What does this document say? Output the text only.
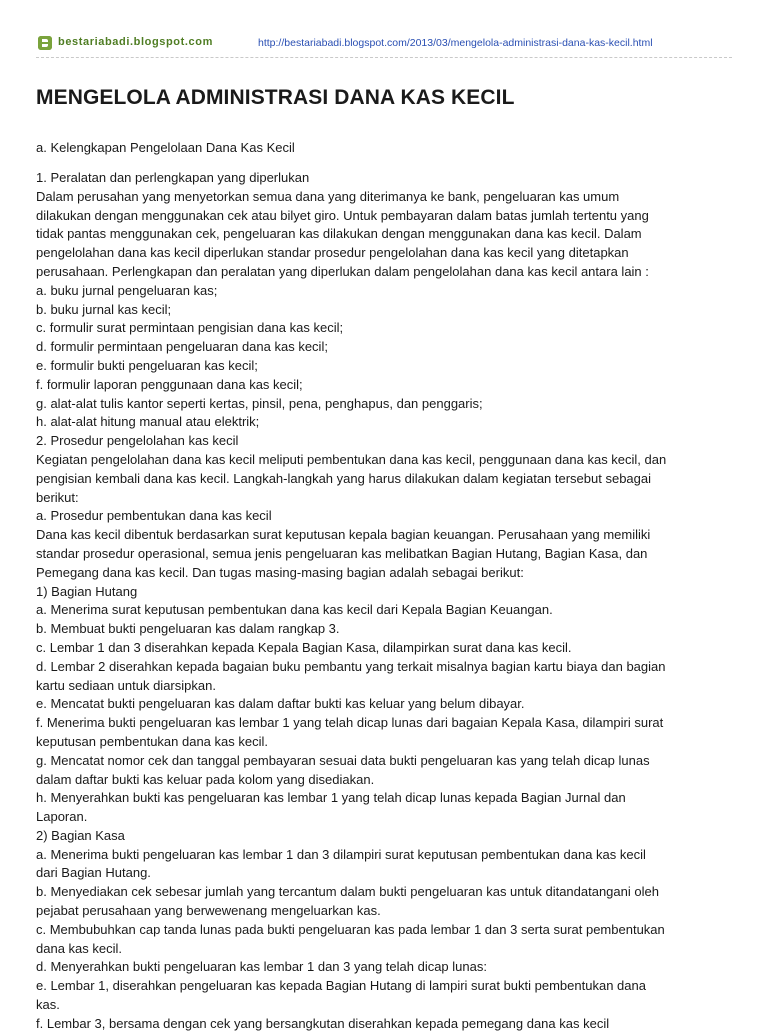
bestariabadi.blogspot.com	http://bestariabadi.blogspot.com/2013/03/mengelola-administrasi-dana-kas-kecil.html
MENGELOLA ADMINISTRASI DANA KAS KECIL

a. Kelengkapan Pengelolaan Dana Kas Kecil

1. Peralatan dan perlengkapan yang diperlukan
Dalam perusahan yang menyetorkan semua dana yang diterimanya ke bank, pengeluaran kas umum
dilakukan dengan menggunakan cek atau bilyet giro. Untuk pembayaran dalam batas jumlah tertentu yang
tidak pantas menggunakan cek, pengeluaran kas dilakukan dengan menggunakan dana kas kecil. Dalam
pengelolahan dana kas kecil diperlukan standar prosedur pengelolahan dana kas kecil yang ditetapkan
perusahaan. Perlengkapan dan peralatan yang diperlukan dalam pengelolahan dana kas kecil antara lain :
a. buku jurnal pengeluaran kas;
b. buku jurnal kas kecil;
c. formulir surat permintaan pengisian dana kas kecil;
d. formulir permintaan pengeluaran dana kas kecil;
e. formulir bukti pengeluaran kas kecil;
f. formulir laporan penggunaan dana kas kecil;
g. alat-alat tulis kantor seperti kertas, pinsil, pena, penghapus, dan penggaris;
h. alat-alat hitung manual atau elektrik;
2. Prosedur pengelolahan kas kecil
Kegiatan pengelolahan dana kas kecil meliputi pembentukan dana kas kecil, penggunaan dana kas kecil, dan
pengisian kembali dana kas kecil. Langkah-langkah yang harus dilakukan dalam kegiatan tersebut sebagai
berikut:
a. Prosedur pembentukan dana kas kecil
Dana kas kecil dibentuk berdasarkan surat keputusan kepala bagian keuangan. Perusahaan yang memiliki
standar prosedur operasional, semua jenis pengeluaran kas melibatkan Bagian Hutang, Bagian Kasa, dan
Pemegang dana kas kecil. Dan tugas masing-masing bagian adalah sebagai berikut:
1) Bagian Hutang
a. Menerima surat keputusan pembentukan dana kas kecil dari Kepala Bagian Keuangan.
b. Membuat bukti pengeluaran kas dalam rangkap 3.
c. Lembar 1 dan 3 diserahkan kepada Kepala Bagian Kasa, dilampirkan surat dana kas kecil.
d. Lembar 2 diserahkan kepada bagaian buku pembantu yang terkait misalnya bagian kartu biaya dan bagian
kartu sediaan untuk diarsipkan.
e. Mencatat bukti pengeluaran kas dalam daftar bukti kas keluar yang belum dibayar.
f. Menerima bukti pengeluaran kas lembar 1 yang telah dicap lunas dari bagaian Kepala Kasa, dilampiri surat
keputusan pembentukan dana kas kecil.
g. Mencatat nomor cek dan tanggal pembayaran sesuai data bukti pengeluaran kas yang telah dicap lunas
dalam daftar bukti kas keluar pada kolom yang disediakan.
h. Menyerahkan bukti kas pengeluaran kas lembar 1 yang telah dicap lunas kepada Bagian Jurnal dan
Laporan.
2) Bagian Kasa
a. Menerima bukti pengeluaran kas lembar 1 dan 3 dilampiri surat keputusan pembentukan dana kas kecil
dari Bagian Hutang.
b. Menyediakan cek sebesar jumlah yang tercantum dalam bukti pengeluaran kas untuk ditandatangani oleh
pejabat perusahaan yang berwewenang mengeluarkan kas.
c. Membubuhkan cap tanda lunas pada bukti pengeluaran kas pada lembar 1 dan 3 serta surat pembentukan
dana kas kecil.
d. Menyerahkan bukti pengeluaran kas lembar 1 dan 3 yang telah dicap lunas:
e. Lembar 1, diserahkan pengeluaran kas kepada Bagian Hutang di lampiri surat bukti pembentukan dana
kas.
f. Lembar 3, bersama dengan cek yang bersangkutan diserahkan kepada pemegang dana kas kecil
